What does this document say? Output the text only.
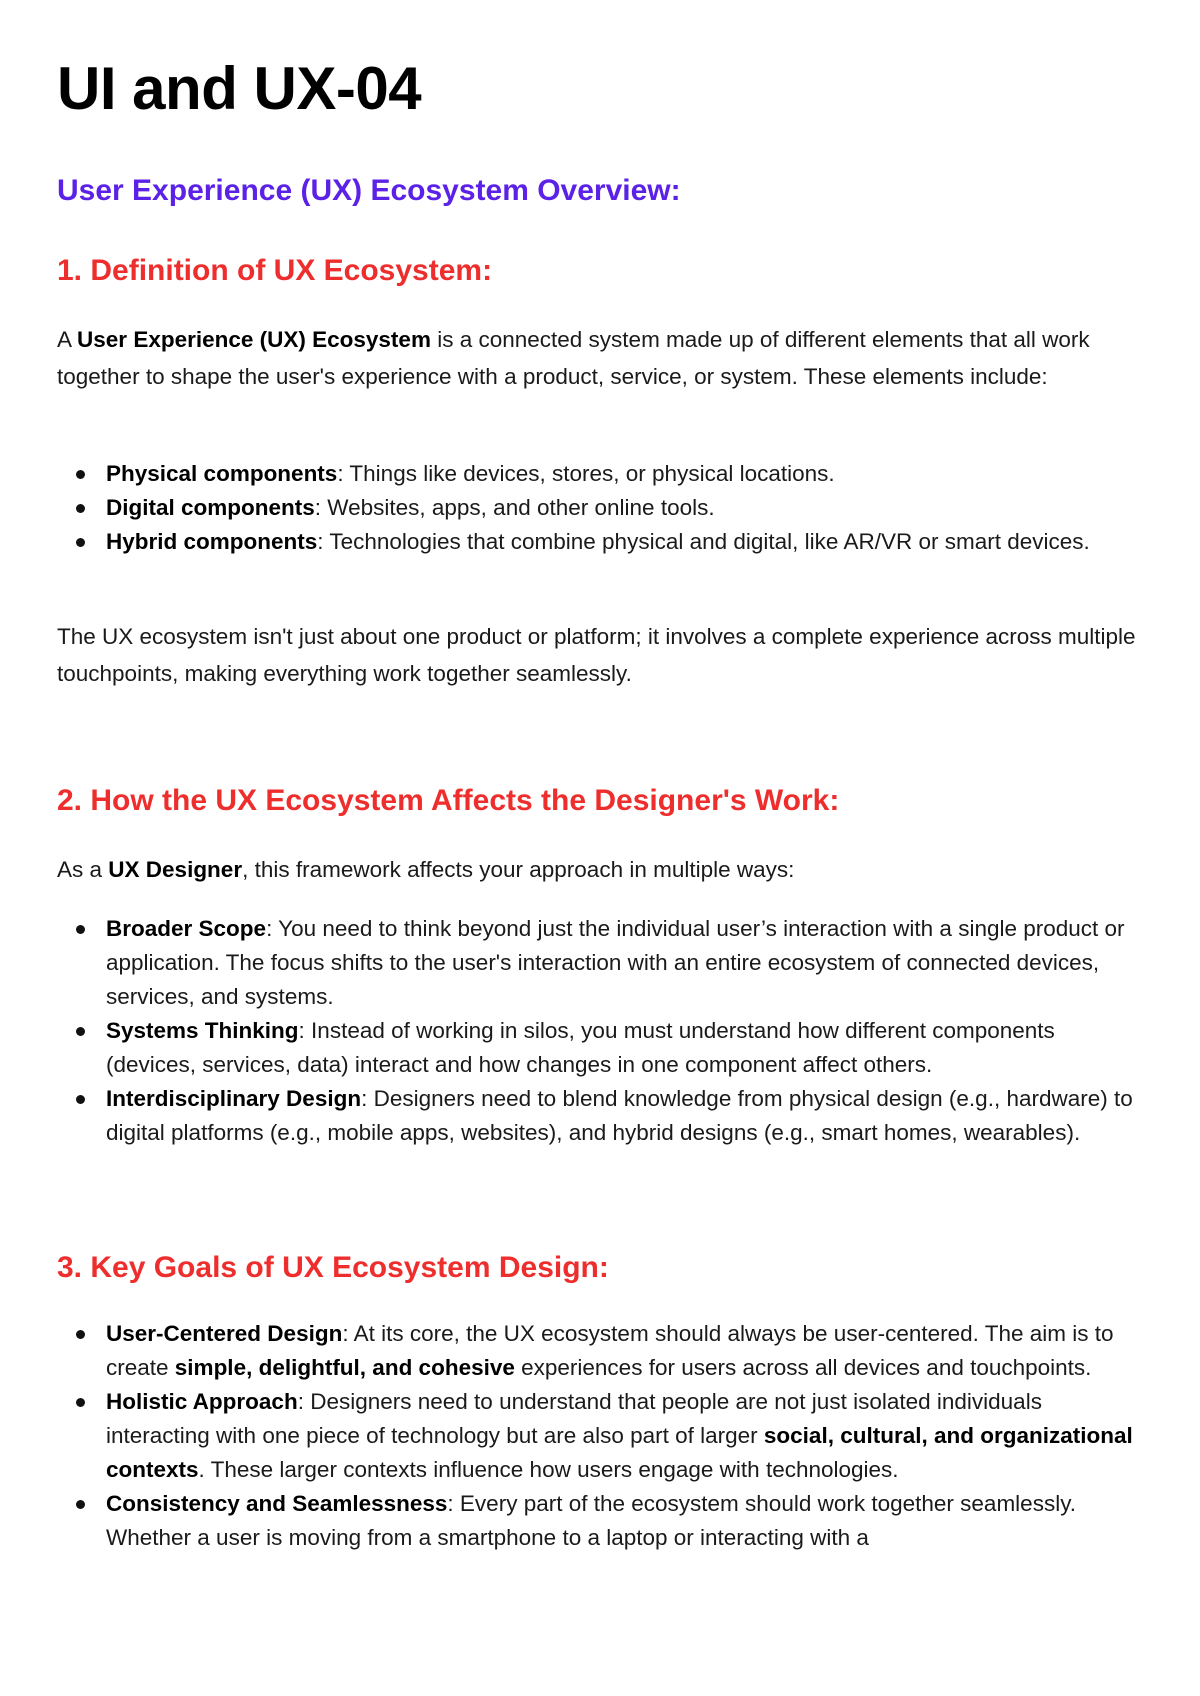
UI and UX-04
User Experience (UX) Ecosystem Overview:
1. Definition of UX Ecosystem:

A User Experience (UX) Ecosystem is a connected system made up of different elements that all work together to shape the user's experience with a product, service, or system. These elements include:

Physical components: Things like devices, stores, or physical locations.
Digital components: Websites, apps, and other online tools.
Hybrid components: Technologies that combine physical and digital, like AR/VR or smart devices.

The UX ecosystem isn't just about one product or platform; it involves a complete experience across multiple touchpoints, making everything work together seamlessly.

2. How the UX Ecosystem Affects the Designer's Work:

As a UX Designer, this framework affects your approach in multiple ways:

Broader Scope: You need to think beyond just the individual user’s interaction with a single product or application. The focus shifts to the user's interaction with an entire ecosystem of connected devices, services, and systems.
Systems Thinking: Instead of working in silos, you must understand how different components (devices, services, data) interact and how changes in one component affect others.
Interdisciplinary Design: Designers need to blend knowledge from physical design (e.g., hardware) to digital platforms (e.g., mobile apps, websites), and hybrid designs (e.g., smart homes, wearables).
3. Key Goals of UX Ecosystem Design:
User-Centered Design: At its core, the UX ecosystem should always be user-centered. The aim is to create simple, delightful, and cohesive experiences for users across all devices and touchpoints.
Holistic Approach: Designers need to understand that people are not just isolated individuals interacting with one piece of technology but are also part of larger social, cultural, and organizational contexts. These larger contexts influence how users engage with technologies.
Consistency and Seamlessness: Every part of the ecosystem should work together seamlessly. Whether a user is moving from a smartphone to a laptop or interacting with a
